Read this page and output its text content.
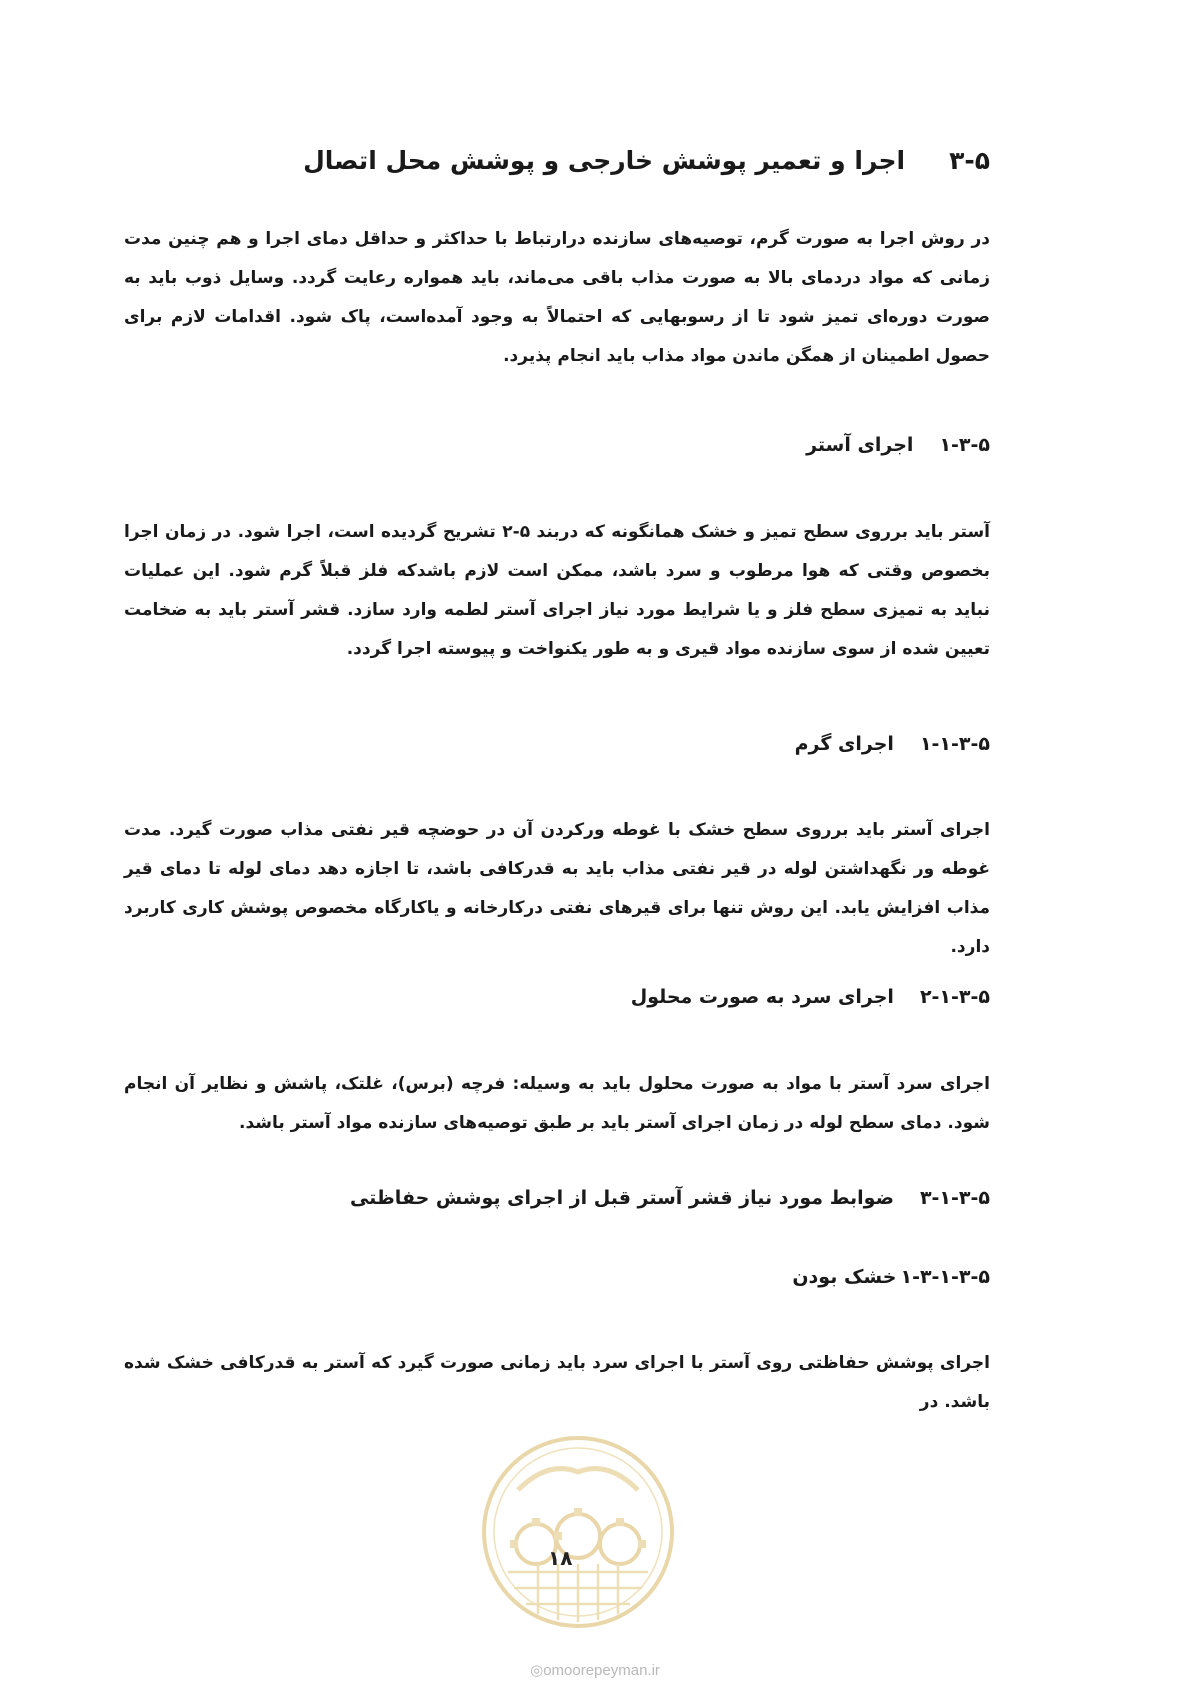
۳-۵اجرا و تعمیر پوشش خارجی و پوشش محل اتصال
در روش اجرا به صورت گرم، توصیه‌های سازنده درارتباط با حداکثر و حداقل دمای اجرا و هم چنین مدت زمانی که مواد دردمای بالا به صورت مذاب باقی می‌ماند، باید همواره رعایت گردد. وسایل ذوب باید به صورت دوره‌ای تمیز شود تا از رسوبهایی که احتمالاً به وجود آمده‌است، پاک شود. اقدامات لازم برای حصول اطمینان از همگن ماندن مواد مذاب باید انجام پذیرد.
۱-۳-۵اجرای آستر
آستر باید برروی سطح تمیز و خشک همانگونه که دربند ۵-۲ تشریح گردیده است، اجرا شود. در زمان اجرا بخصوص وقتی که هوا مرطوب و سرد باشد، ممکن است لازم باشدکه فلز قبلاً گرم شود. این عملیات نباید به تمیزی سطح فلز و یا شرایط مورد نیاز اجرای آستر لطمه وارد سازد. قشر آستر باید به ضخامت تعیین شده از سوی سازنده مواد قیری و به طور یکنواخت و پیوسته اجرا گردد.
۱-۱-۳-۵اجرای گرم
اجرای آستر باید برروی سطح خشک با غوطه ورکردن آن در حوضچه قیر نفتی مذاب صورت گیرد. مدت غوطه ور نگهداشتن لوله در قیر نفتی مذاب باید به قدرکافی باشد، تا اجازه دهد دمای لوله تا دمای قیر مذاب افزایش یابد. این روش تنها برای قیرهای نفتی درکارخانه و یاکارگاه مخصوص پوشش کاری کاربرد دارد.
۲-۱-۳-۵اجرای سرد به صورت محلول
اجرای سرد آستر با مواد به صورت محلول باید به وسیله: فرچه (برس)، غلتک، پاشش و نظایر آن انجام شود. دمای سطح لوله در زمان اجرای آستر باید بر طبق توصیه‌های سازنده مواد آستر باشد.
۳-۱-۳-۵ضوابط مورد نیاز قشر آستر قبل از اجرای پوشش حفاظتی
۱-۳-۱-۳-۵خشک بودن
اجرای پوشش حفاظتی روی آستر با اجرای سرد باید زمانی صورت گیرد که آستر به قدرکافی خشک شده باشد. در
۱۸
◎omoorepeyman.ir
